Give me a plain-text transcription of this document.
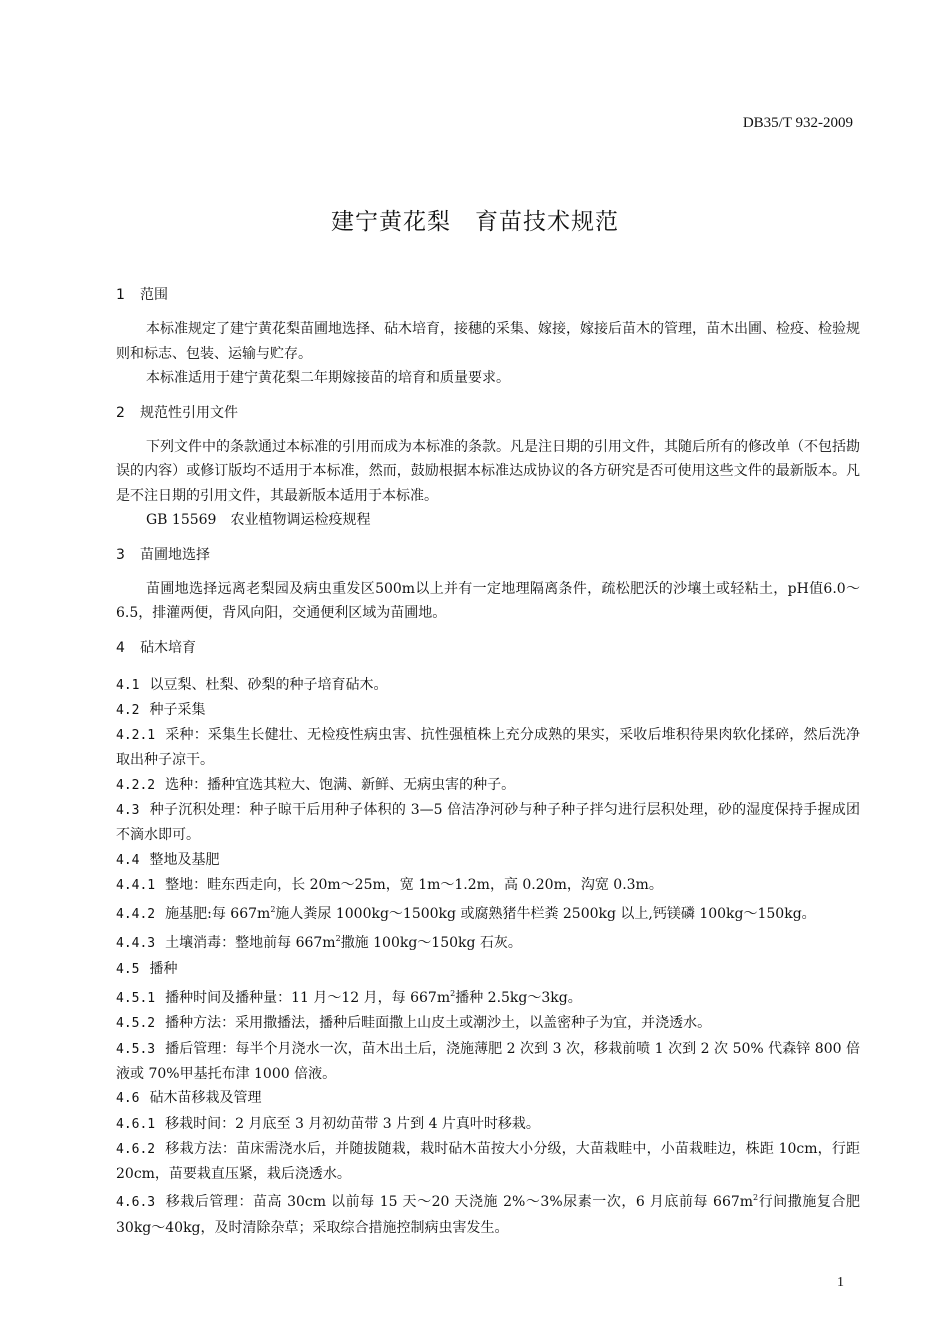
DB35/T 932-2009
建宁黄花梨　育苗技术规范

1 范围

本标准规定了建宁黄花梨苗圃地选择、砧木培育，接穗的采集、嫁接，嫁接后苗木的管理，苗木出圃、检疫、检验规则和标志、包装、运输与贮存。

本标准适用于建宁黄花梨二年期嫁接苗的培育和质量要求。

2 规范性引用文件

下列文件中的条款通过本标准的引用而成为本标准的条款。凡是注日期的引用文件，其随后所有的修改单（不包括勘误的内容）或修订版均不适用于本标准，然而，鼓励根据本标准达成协议的各方研究是否可使用这些文件的最新版本。凡是不注日期的引用文件，其最新版本适用于本标准。

GB 15569　农业植物调运检疫规程

3 苗圃地选择

苗圃地选择远离老梨园及病虫重发区500m以上并有一定地理隔离条件，疏松肥沃的沙壤土或轻粘土，pH值6.0～6.5，排灌两便，背风向阳，交通便利区域为苗圃地。

4 砧木培育

4.1 以豆梨、杜梨、砂梨的种子培育砧木。

4.2 种子采集

4.2.1 采种：采集生长健壮、无检疫性病虫害、抗性强植株上充分成熟的果实，采收后堆积待果肉软化揉碎，然后洗净取出种子凉干。

4.2.2 选种：播种宜选其粒大、饱满、新鲜、无病虫害的种子。

4.3 种子沉积处理：种子晾干后用种子体积的 3—5 倍洁净河砂与种子种子拌匀进行层积处理，砂的湿度保持手握成团不滴水即可。

4.4 整地及基肥

4.4.1 整地：畦东西走向，长 20m～25m，宽 1m～1.2m，高 0.20m，沟宽 0.3m。

4.4.2 施基肥:每 $667m^2$施人粪尿 1000kg～1500kg 或腐熟猪牛栏粪 2500kg 以上,钙镁磷 100kg～150kg。

4.4.3 土壤消毒：整地前每 $667m^2$撒施 100kg～150kg 石灰。

4.5 播种

4.5.1 播种时间及播种量：11 月～12 月，每 $667m^2$播种 2.5kg～3kg。

4.5.2 播种方法：采用撒播法，播种后畦面撒上山皮土或潮沙土，以盖密种子为宜，并浇透水。

4.5.3 播后管理：每半个月浇水一次，苗木出土后，浇施薄肥 2 次到 3 次，移栽前喷 1 次到 2 次 50% 代森锌 800 倍液或 70%甲基托布津 1000 倍液。

4.6 砧木苗移栽及管理

4.6.1 移栽时间：2 月底至 3 月初幼苗带 3 片到 4 片真叶时移栽。

4.6.2 移栽方法：苗床需浇水后，并随拔随栽，栽时砧木苗按大小分级，大苗栽畦中，小苗栽畦边，株距 10cm，行距 20cm，苗要栽直压紧，栽后浇透水。

4.6.3 移栽后管理：苗高 30cm 以前每 15 天～20 天浇施 2%～3%尿素一次，6 月底前每 $667m^2$行间撒施复合肥 30kg～40kg，及时清除杂草；采取综合措施控制病虫害发生。

1
